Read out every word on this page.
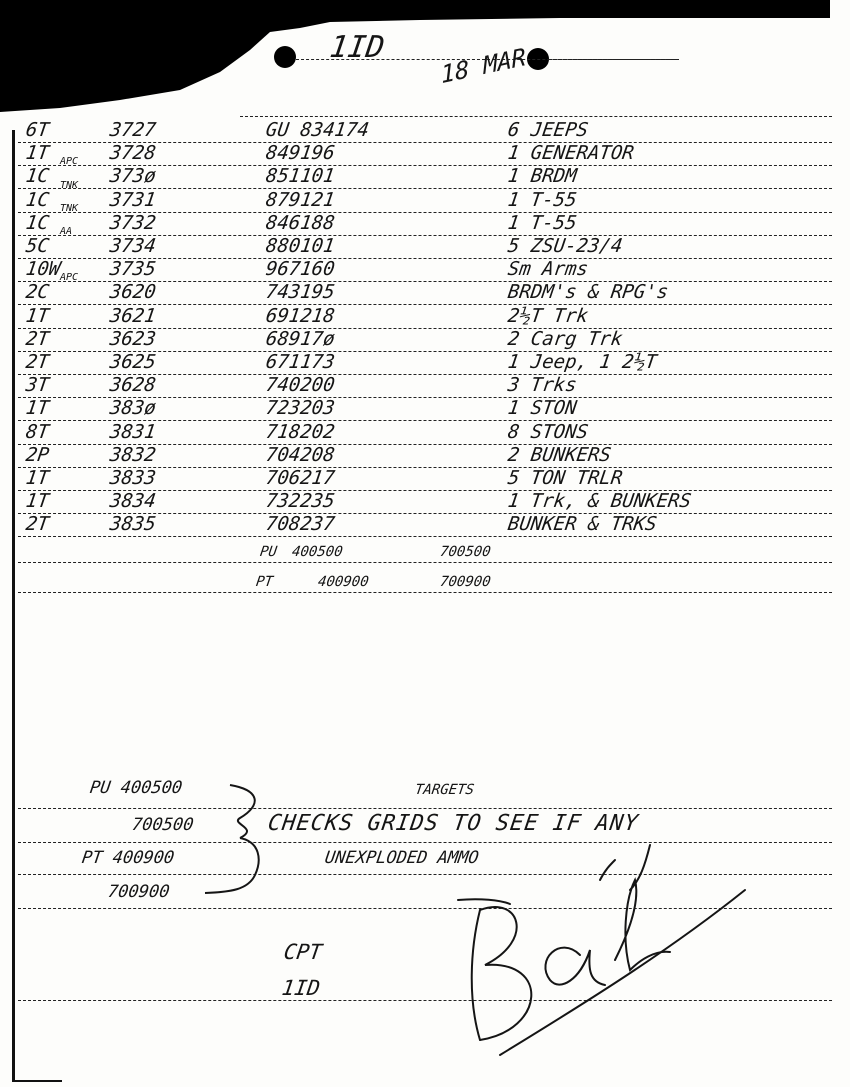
1ID 18 MAR
6T	3727	GU 834174	6 JEEPS
1T	3728	849196	1 GENERATOR
1C	373ø	851101	1 BRDM
APC
1C	3731	879121	1 T-55
TNK
1C	3732	846188	1 T-55
TNK
5C	3734	880101	5 ZSU-23/4
AA
10W 3735	967160	Sm Arms
2C	3620	743195	BRDM's & RPG's
APC
1T	3621	691218	2½T Trk
2T	3623	68917ø	2 Carg Trk
2T	3625	671173	1 Jeep, 1 2½T
3T	3628	740200	3 Trks
1T	383ø	723203	1 STON
8T	3831	718202	8 STONS
2P	3832	704208	2 BUNKERS
1T	3833	706217	5 TON TRLR
1T	3834	732235	1 Trk, & BUNKERS
2T	3835	708237	BUNKER & TRKS
PU 400500	700500
PT	400900	700900
PU 400500
700500
PT 400900
700900
TARGETS
CHECKS GRIDS TO SEE IF ANY
UNEXPLODED AMMO
CPT
1ID
